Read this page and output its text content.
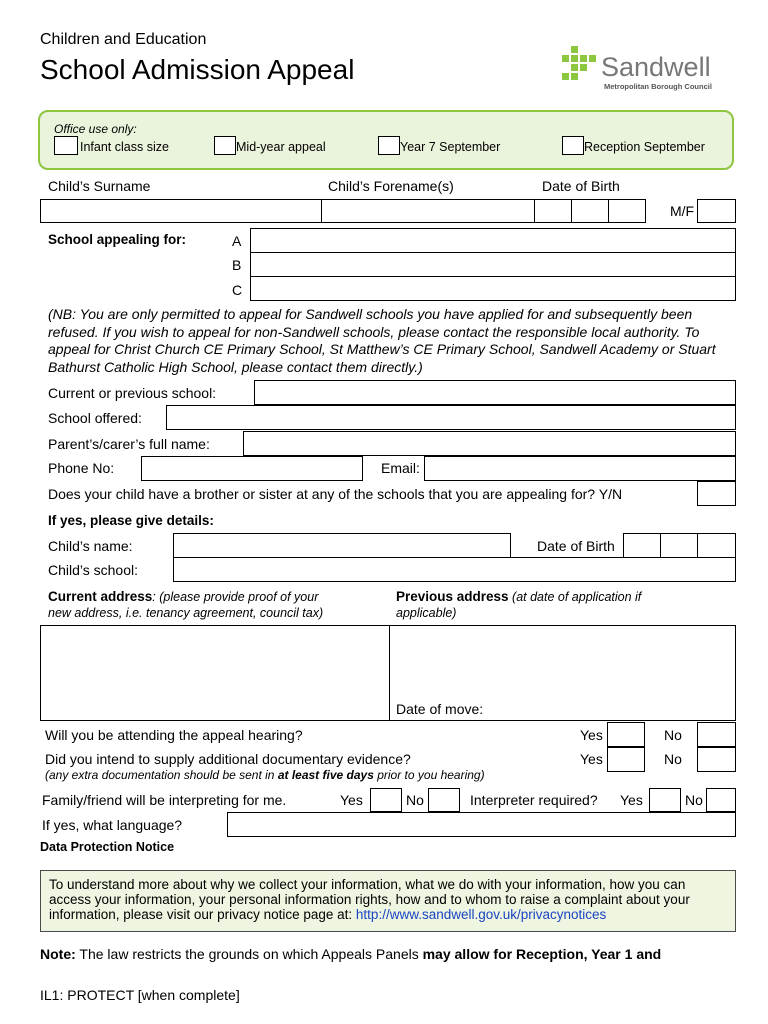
Children and Education
School Admission Appeal	Sandwell
Metropolitan Borough Council
Office use only:
Infant class size	Mid-year appeal	Year 7 September	Reception September
Child’s Surname	Child’s Forename(s)	Date of Birth
M/F
School appealing for:	A
B
C
(NB: You are only permitted to appeal for Sandwell schools you have applied for and subsequently been refused. If you wish to appeal for non-Sandwell schools, please contact the responsible local authority. To appeal for Christ Church CE Primary School, St Matthew’s CE Primary School, Sandwell Academy or Stuart Bathurst Catholic High School, please contact them directly.)
Current or previous school:
School offered:
Parent’s/carer’s full name:
Phone No:	Email:
Does your child have a brother or sister at any of the schools that you are appealing for? Y/N
If yes, please give details:
Child’s name:	Date of Birth
Child’s school:
Current address: (please provide proof of your
new address, i.e. tenancy agreement, council tax)
Previous address (at date of application if
applicable)
Date of move:
Will you be attending the appeal hearing?	Yes	No
Did you intend to supply additional documentary evidence?	Yes	No
(any extra documentation should be sent in at least five days prior to you hearing)
Family/friend will be interpreting for me.	Yes	No	Interpreter required? Yes	No
If yes, what language?
Data Protection Notice

To understand more about why we collect your information, what we do with your information, how you can access your information, your personal information rights, how and to whom to raise a complaint about your information, please visit our privacy notice page at: http://www.sandwell.gov.uk/privacynotices

Note: The law restricts the grounds on which Appeals Panels may allow for Reception, Year 1 and
IL1: PROTECT [when complete]
